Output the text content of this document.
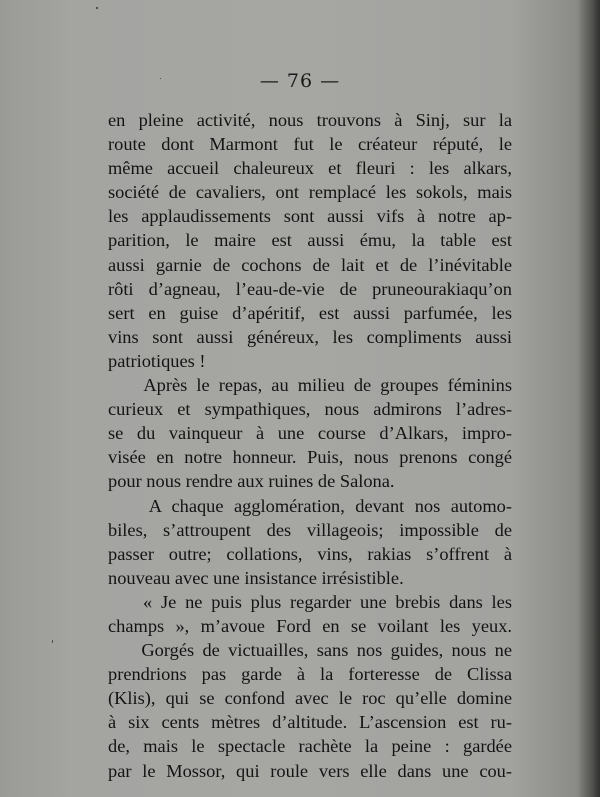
— 76 —
en pleine activité, nous trouvons à Sinj, sur la
route dont Marmont fut le créateur réputé, le
même accueil chaleureux et fleuri : les alkars,
société de cavaliers, ont remplacé les sokols, mais
les applaudissements sont aussi vifs à notre ap-
parition, le maire est aussi ému, la table est
aussi garnie de cochons de lait et de l’inévitable
rôti d’agneau, l’eau-de-vie de pruneourakiaqu’on
sert en guise d’apéritif, est aussi parfumée, les
vins sont aussi généreux, les compliments aussi
patriotiques !
Après le repas, au milieu de groupes féminins
curieux et sympathiques, nous admirons l’adres-
se du vainqueur à une course d’Alkars, impro-
visée en notre honneur. Puis, nous prenons congé
pour nous rendre aux ruines de Salona.
A chaque agglomération, devant nos automo-
biles, s’attroupent des villageois; impossible de
passer outre; collations, vins, rakias s’offrent à
nouveau avec une insistance irrésistible.
« Je ne puis plus regarder une brebis dans les
champs », m’avoue Ford en se voilant les yeux.
Gorgés de victuailles, sans nos guides, nous ne
prendrions pas garde à la forteresse de Clissa
(Klis), qui se confond avec le roc qu’elle domine
à six cents mètres d’altitude. L’ascension est ru-
de, mais le spectacle rachète la peine : gardée
par le Mossor, qui roule vers elle dans une cou-
